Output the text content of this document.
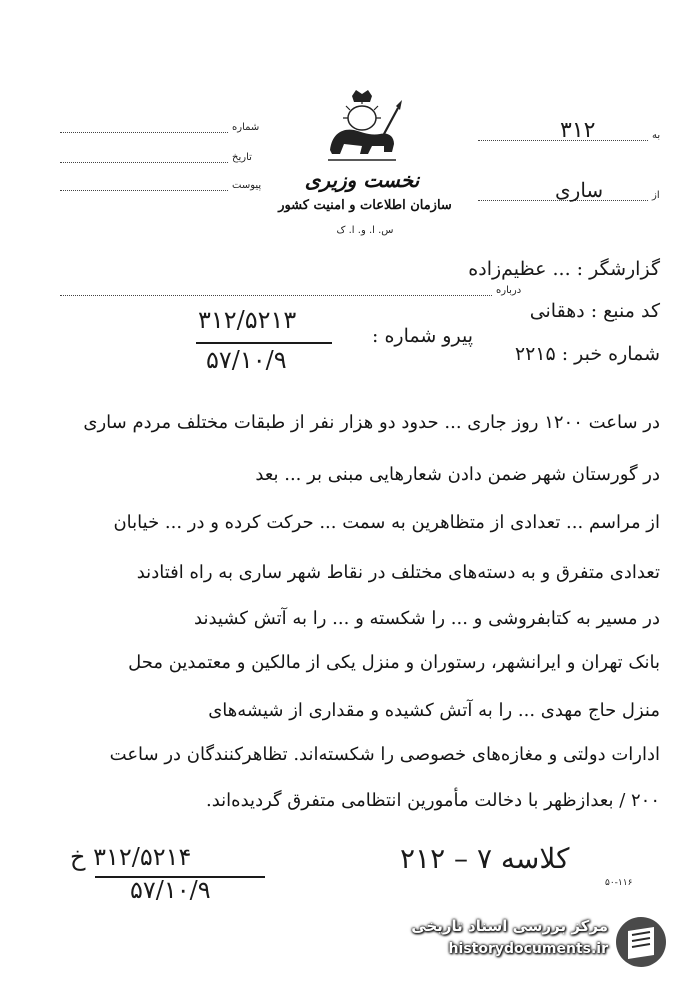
نخست وزیری
سازمان اطلاعات و امنیت کشور
س. ا. و. ا. ک
شماره
تاریخ
پیوست
به
۳۱۲
از
ساری
درباره
گزارشگر : ... عظیم‌زاده
کد منبع : دهقانی
شماره خبر : ۲۲۱۵
پیرو شماره :
۳۱۲/۵۲۱۳
۵۷/۱۰/۹
در ساعت ۱۲۰۰ روز جاری ... حدود دو هزار نفر از طبقات مختلف مردم ساری
در گورستان شهر ضمن دادن شعارهایی مبنی بر ... بعد
از مراسم ... تعدادی از متظاهرین به سمت ... حرکت کرده و در ... خیابان
تعدادی متفرق و به دسته‌های مختلف در نقاط شهر ساری به راه افتادند
در مسیر به کتابفروشی و ... را شکسته و ... را به آتش کشیدند
بانک تهران و ایرانشهر، رستوران و منزل یکی از مالکین و معتمدین محل
منزل حاج مهدی ... را به آتش کشیده و مقداری از شیشه‌های
ادارات دولتی و مغازه‌های خصوصی را شکسته‌اند. تظاهرکنندگان در ساعت
۲۰۰ / بعدازظهر با دخالت مأمورین انتظامی متفرق گردیده‌اند.
۳۱۲/۵۲۱۴ خ
۵۷/۱۰/۹
کلاسه ۷ – ۲۱۲
۵۰-۱۱۶
مرکز بررسی اسناد تاریخی
historydocuments.ir
